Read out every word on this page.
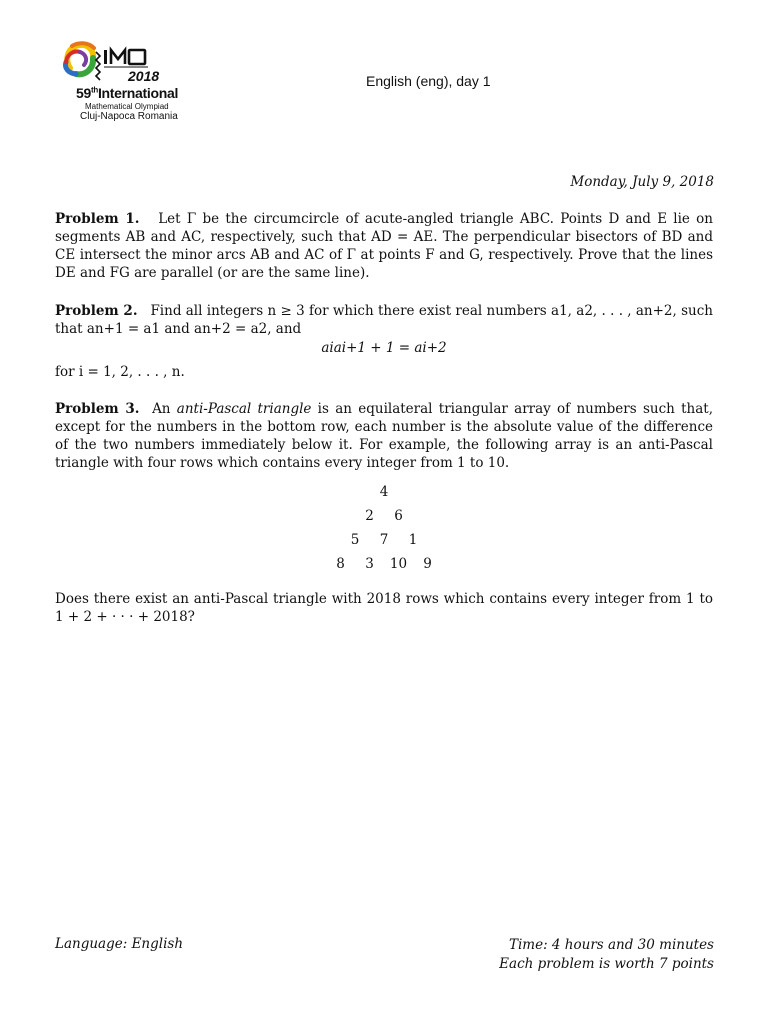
2018
59thInternational
Mathematical Olympiad
Cluj-Napoca Romania
English (eng), day 1
Monday, July 9, 2018
Problem 1. Let Γ be the circumcircle of acute-angled triangle ABC. Points D and E lie on segments AB and AC, respectively, such that AD = AE. The perpendicular bisectors of BD and CE intersect the minor arcs AB and AC of Γ at points F and G, respectively. Prove that the lines DE and FG are parallel (or are the same line).
Problem 2. Find all integers n ≥ 3 for which there exist real numbers a1, a2, . . . , an+2, such that an+1 = a1 and an+2 = a2, and
aiai+1 + 1 = ai+2
for i = 1, 2, . . . , n.
Problem 3. An anti-Pascal triangle is an equilateral triangular array of numbers such that, except for the numbers in the bottom row, each number is the absolute value of the difference of the two numbers immediately below it. For example, the following array is an anti-Pascal triangle with four rows which contains every integer from 1 to 10.
4
2	6
5	7	1
8	3	10	9
Does there exist an anti-Pascal triangle with 2018 rows which contains every integer from 1 to 1 + 2 + · · · + 2018?
Language: English	Time: 4 hours and 30 minutes
Each problem is worth 7 points
